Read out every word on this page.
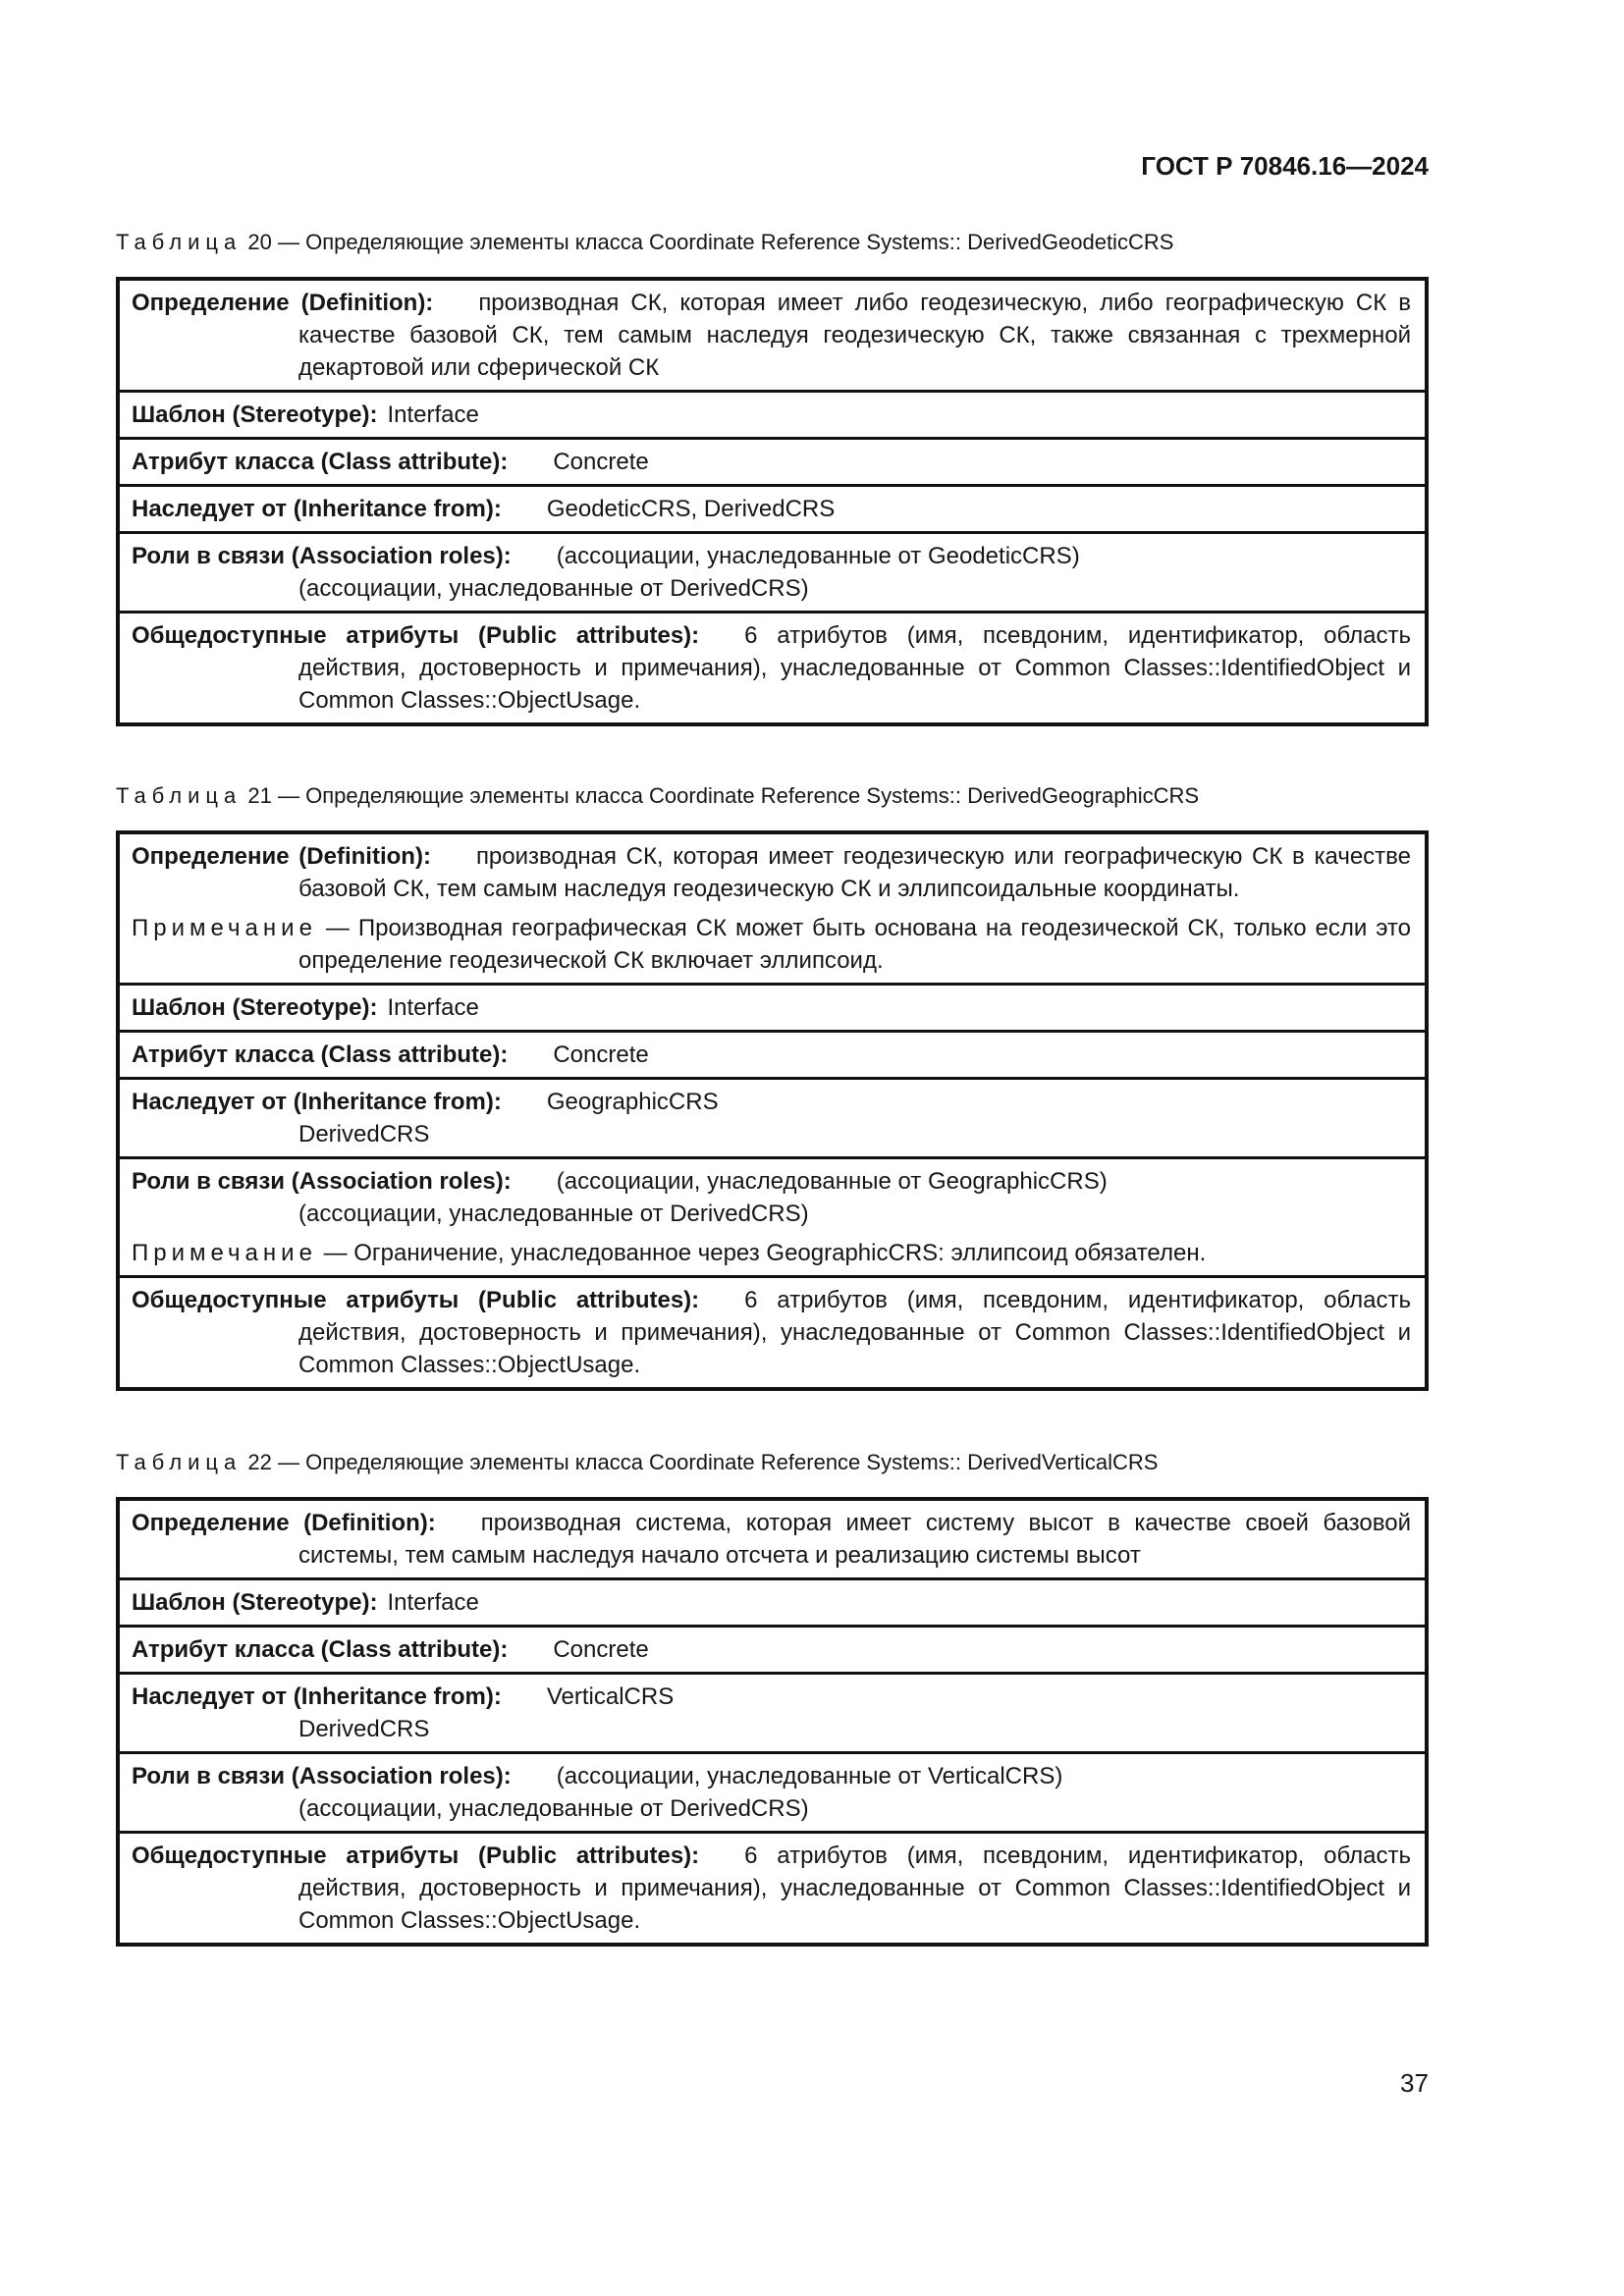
ГОСТ Р 70846.16—2024

Таблица 20 — Определяющие элементы класса Coordinate Reference Systems:: DerivedGeodeticCRS

Определение (Definition): производная СК, которая имеет либо геодезическую, либо географическую СК в качестве базовой СК, тем самым наследуя геодезическую СК, также связанная с трехмерной декартовой или сферической СК

Шаблон (Stereotype): Interface

Атрибут класса (Class attribute): Concrete

Наследует от (Inheritance from): GeodeticCRS, DerivedCRS

Роли в связи (Association roles): (ассоциации, унаследованные от GeodeticCRS)
(ассоциации, унаследованные от DerivedCRS)

Общедоступные атрибуты (Public attributes): 6 атрибутов (имя, псевдоним, идентификатор, область действия, достоверность и примечания), унаследованные от Common Classes::IdentifiedObject и Common Classes::ObjectUsage.

Таблица 21 — Определяющие элементы класса Coordinate Reference Systems:: DerivedGeographicCRS

Определение (Definition): производная СК, которая имеет геодезическую или географическую СК в качестве базовой СК, тем самым наследуя геодезическую СК и эллипсоидальные координаты.

Примечание — Производная географическая СК может быть основана на геодезической СК, только если это определение геодезической СК включает эллипсоид.

Шаблон (Stereotype): Interface

Атрибут класса (Class attribute): Concrete

Наследует от (Inheritance from): GeographicCRS
DerivedCRS

Роли в связи (Association roles): (ассоциации, унаследованные от GeographicCRS)
(ассоциации, унаследованные от DerivedCRS)

Примечание — Ограничение, унаследованное через GeographicCRS: эллипсоид обязателен.

Общедоступные атрибуты (Public attributes): 6 атрибутов (имя, псевдоним, идентификатор, область действия, достоверность и примечания), унаследованные от Common Classes::IdentifiedObject и Common Classes::ObjectUsage.

Таблица 22 — Определяющие элементы класса Coordinate Reference Systems:: DerivedVerticalCRS

Определение (Definition): производная система, которая имеет систему высот в качестве своей базовой системы, тем самым наследуя начало отсчета и реализацию системы высот

Шаблон (Stereotype): Interface

Атрибут класса (Class attribute): Concrete

Наследует от (Inheritance from): VerticalCRS
DerivedCRS

Роли в связи (Association roles): (ассоциации, унаследованные от VerticalCRS)
(ассоциации, унаследованные от DerivedCRS)

Общедоступные атрибуты (Public attributes): 6 атрибутов (имя, псевдоним, идентификатор, область действия, достоверность и примечания), унаследованные от Common Classes::IdentifiedObject и Common Classes::ObjectUsage.

37
